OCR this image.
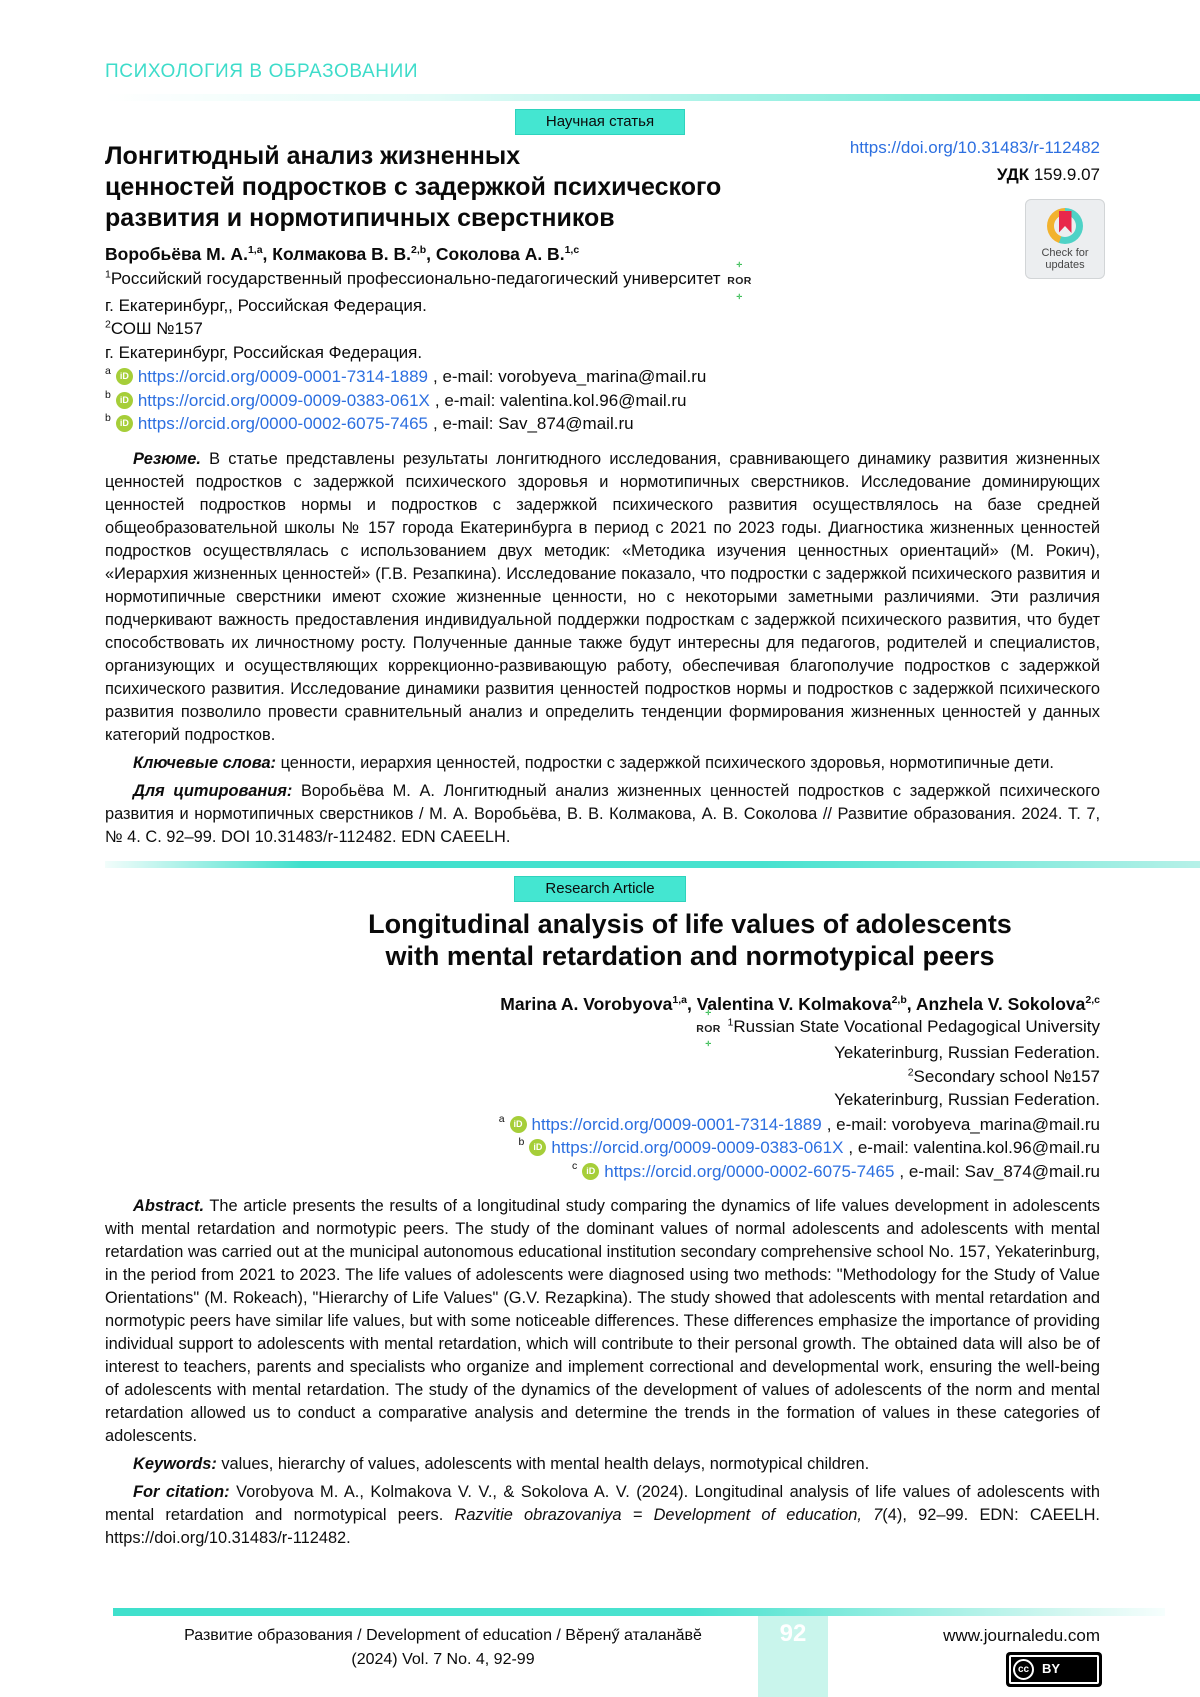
ПСИХОЛОГИЯ В ОБРАЗОВАНИИ
Научная статья
Лонгитюдный анализ жизненных
ценностей подростков с задержкой психического
развития и нормотипичных сверстников
https://doi.org/10.31483/r-112482
УДК 159.9.07
Check for
updates
Воробьёва М. А.$^{1,a}$, Колмакова В. В.$^{2,b}$, Соколова А. В.$^{1,c}$
$^1$Российский государственный профессионально-педагогический университет ✛ ROR ✛
г. Екатеринбург,, Российская Федерация.
$^2$СОШ №157
г. Екатеринбург, Российская Федерация.
a	iD https://orcid.org/0009-0001-7314-1889 , e-mail: vorobyeva_marina@mail.ru
b	iD https://orcid.org/0009-0009-0383-061X , e-mail: valentina.kol.96@mail.ru
b	iD https://orcid.org/0000-0002-6075-7465 , e-mail: Sav_874@mail.ru

Резюме. В статье представлены результаты лонгитюдного исследования, сравнивающего динамику развития жизненных ценностей подростков с задержкой психического здоровья и нормотипичных сверстников. Исследование доминирующих ценностей подростков нормы и подростков с задержкой психического развития осуществлялось на базе средней общеобразовательной школы № 157 города Екатеринбурга в период с 2021 по 2023 годы. Диагностика жизненных ценностей подростков осуществлялась с использованием двух методик: «Методика изучения ценностных ориентаций» (М. Рокич), «Иерархия жизненных ценностей» (Г.В. Резапкина). Исследование показало, что подростки с задержкой психического развития и нормотипичные сверстники имеют схожие жизненные ценности, но с некоторыми заметными различиями. Эти различия подчеркивают важность предоставления индивидуальной поддержки подросткам с задержкой психического развития, что будет способствовать их личностному росту. Полученные данные также будут интересны для педагогов, родителей и специалистов, организующих и осуществляющих коррекционно-развивающую работу, обеспечивая благополучие подростков с задержкой психического развития. Исследование динамики развития ценностей подростков нормы и подростков с задержкой психического развития позволило провести сравнительный анализ и определить тенденции формирования жизненных ценностей у данных категорий подростков.

Ключевые слова: ценности, иерархия ценностей, подростки с задержкой психического здоровья, нормотипичные дети.

Для цитирования: Воробьёва М. А. Лонгитюдный анализ жизненных ценностей подростков с задержкой психического развития и нормотипичных сверстников / М. А. Воробьёва, В. В. Колмакова, А. В. Соколова // Развитие образования. 2024. Т. 7, № 4. С. 92–99. DOI 10.31483/r-112482. EDN CAEELH.

Research Article
Longitudinal analysis of life values of adolescents
with mental retardation and normotypical peers
Marina A. Vorobyova$^{1,a}$, Valentina V. Kolmakova$^{2,b}$, Anzhela V. Sokolova$^{2,c}$
✛ ROR ✛ $^1$Russian State Vocational Pedagogical University
Yekaterinburg, Russian Federation.
$^2$Secondary school №157
Yekaterinburg, Russian Federation.
a	iD https://orcid.org/0009-0001-7314-1889 , e-mail: vorobyeva_marina@mail.ru
b	iD https://orcid.org/0009-0009-0383-061X , e-mail: valentina.kol.96@mail.ru
c	iD https://orcid.org/0000-0002-6075-7465 , e-mail: Sav_874@mail.ru

Abstract. The article presents the results of a longitudinal study comparing the dynamics of life values development in adolescents with mental retardation and normotypic peers. The study of the dominant values of normal adolescents and adolescents with mental retardation was carried out at the municipal autonomous educational institution secondary comprehensive school No. 157, Yekaterinburg, in the period from 2021 to 2023. The life values of adolescents were diagnosed using two methods: "Methodology for the Study of Value Orientations" (M. Rokeach), "Hierarchy of Life Values" (G.V. Rezapkina). The study showed that adolescents with mental retardation and normotypic peers have similar life values, but with some noticeable differences. These differences emphasize the importance of providing individual support to adolescents with mental retardation, which will contribute to their personal growth. The obtained data will also be of interest to teachers, parents and specialists who organize and implement correctional and developmental work, ensuring the well-being of adolescents with mental retardation. The study of the dynamics of the development of values of adolescents of the norm and mental retardation allowed us to conduct a comparative analysis and determine the trends in the formation of values in these categories of adolescents.

Keywords: values, hierarchy of values, adolescents with mental health delays, normotypical children.

For citation: Vorobyova M. A., Kolmakova V. V., & Sokolova A. V. (2024). Longitudinal analysis of life values of adolescents with mental retardation and normotypical peers. Razvitie obrazovaniya = Development of education, 7(4), 92–99. EDN: CAEELH. https://doi.org/10.31483/r-112482.

92
Развитие образования / Development of education / Вĕренӳ аталанăвĕ
(2024) Vol. 7 No. 4, 92-99
www.journaledu.com
cc BY
